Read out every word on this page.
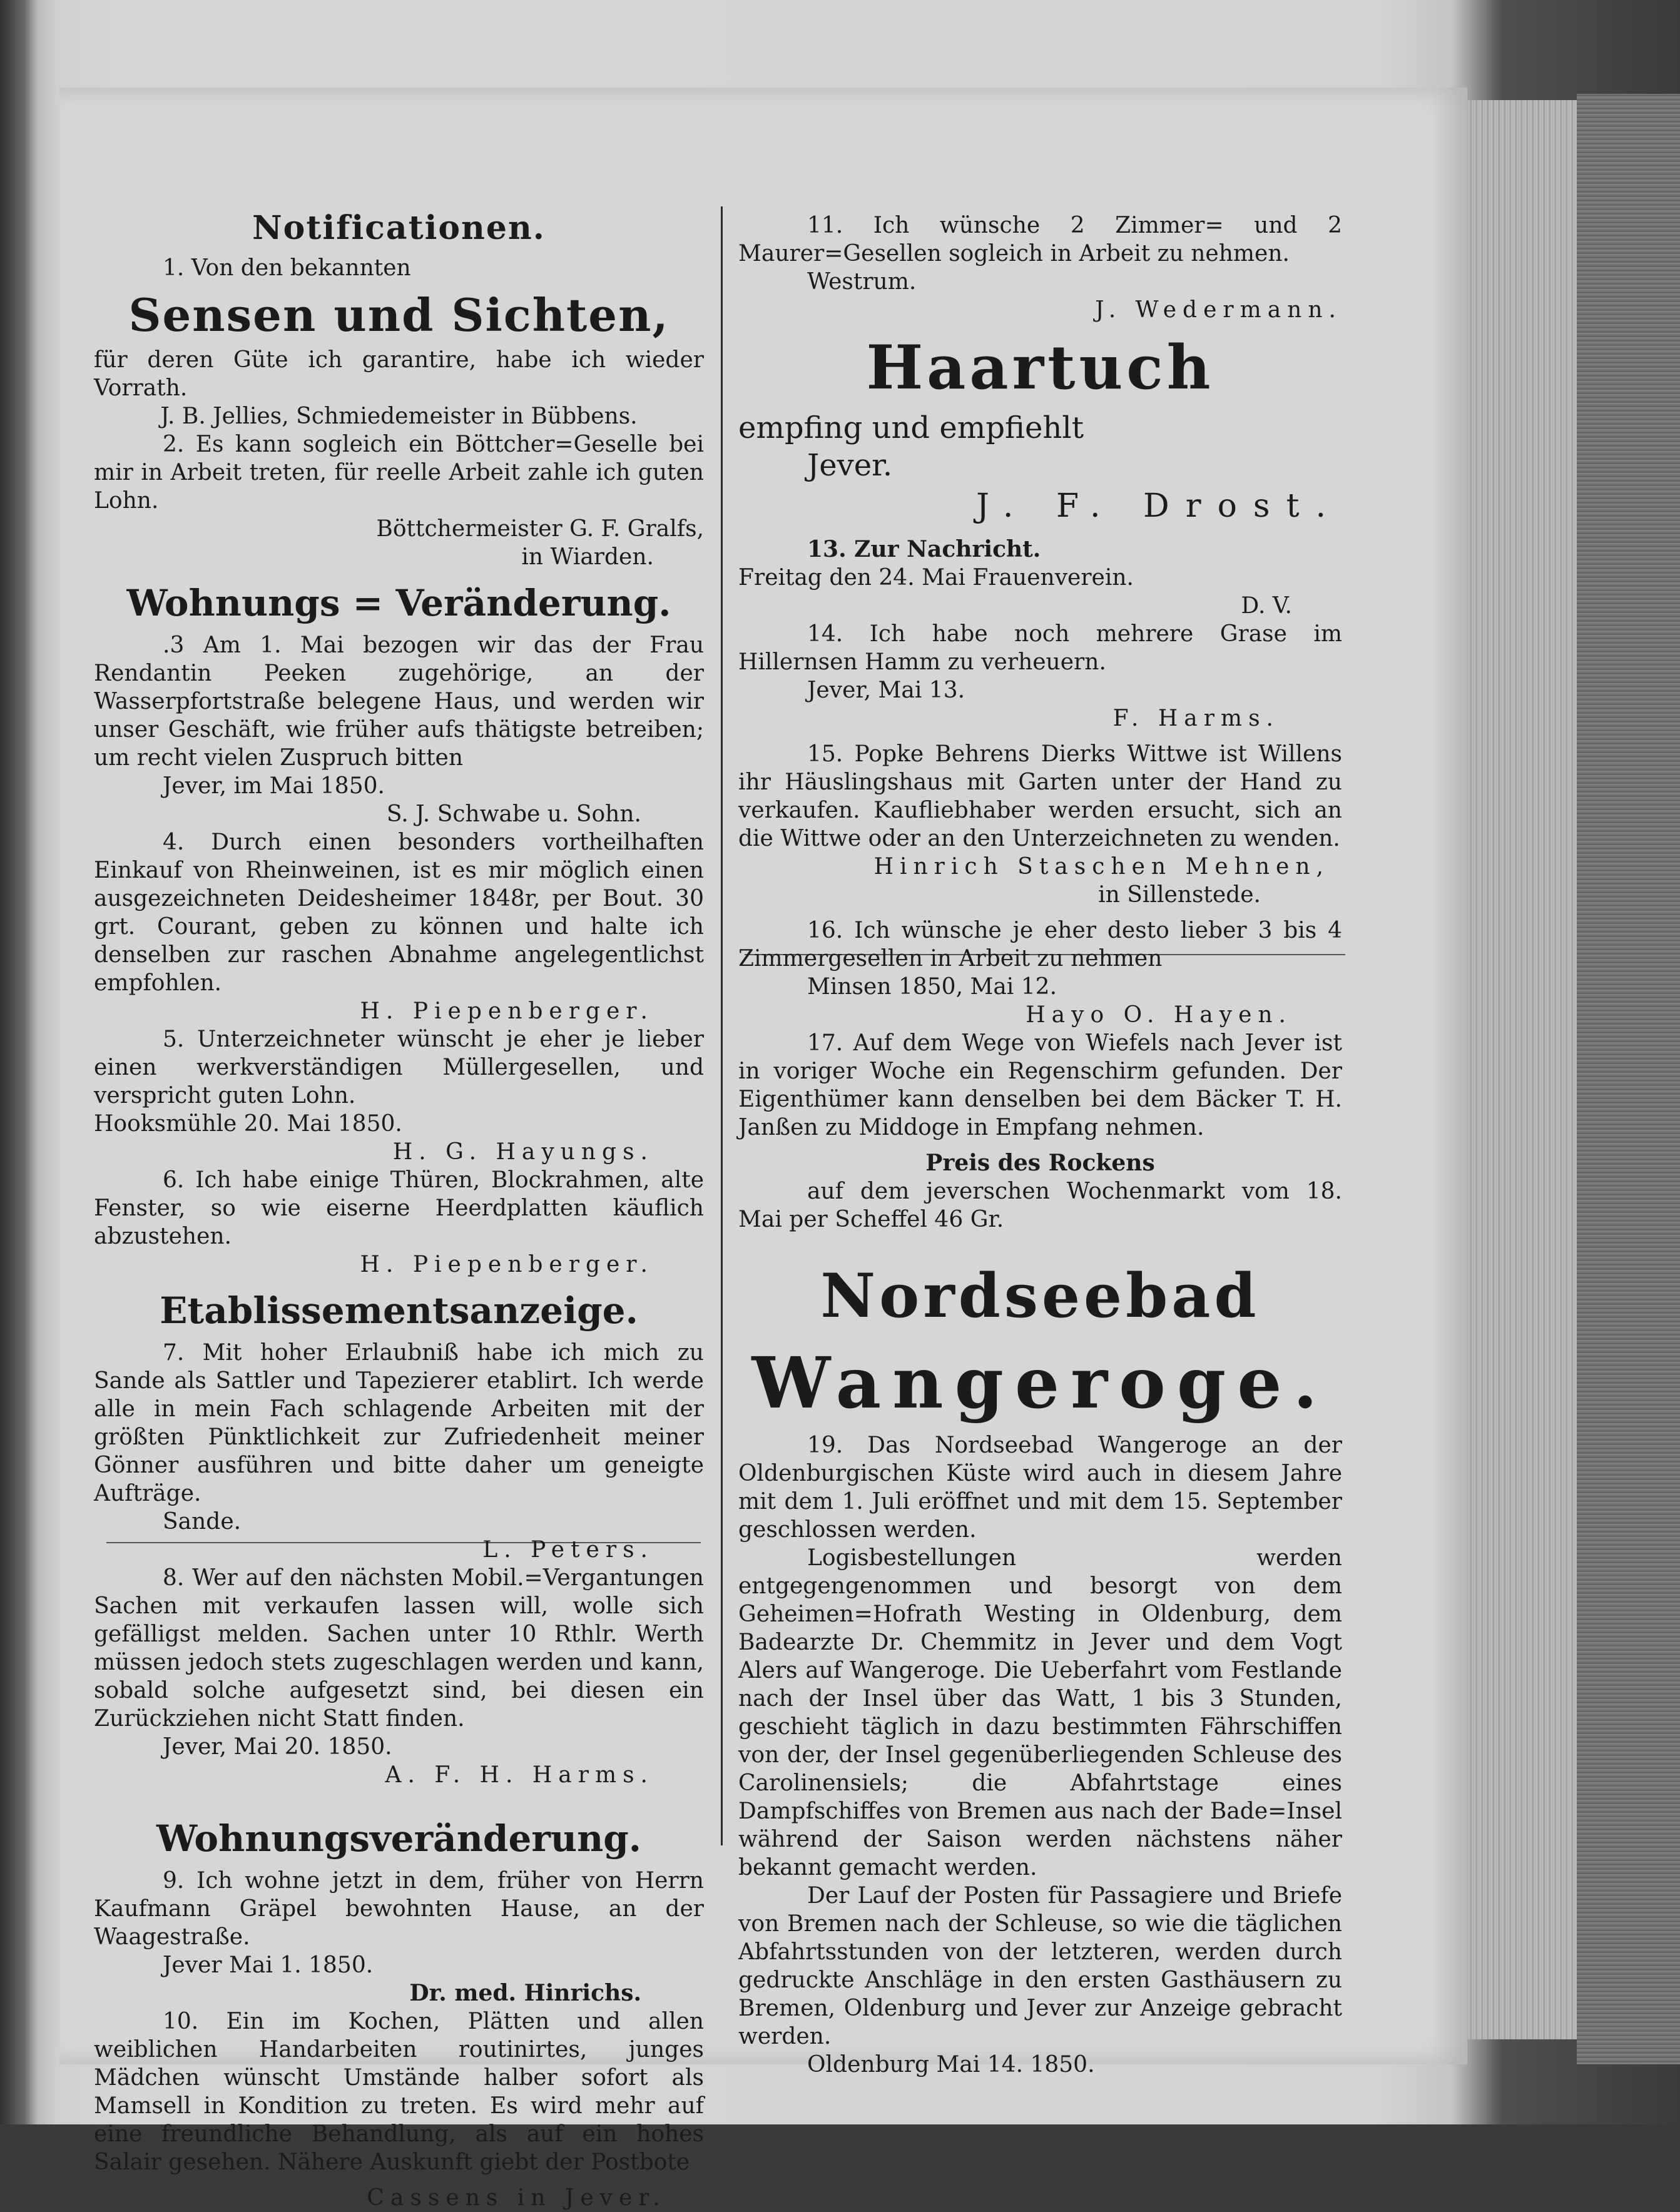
Notificationen.

1. Von den bekannten

Sensen und Sichten,

für deren Güte ich garantire, habe ich wieder Vorrath.

J. B. Jellies, Schmiedemeister in Bübbens.

2. Es kann sogleich ein Böttcher=Geselle bei mir in Arbeit treten, für reelle Arbeit zahle ich guten Lohn.

Böttchermeister G. F. Gralfs,

in Wiarden.

Wohnungs = Veränderung.

.3 Am 1. Mai bezogen wir das der Frau Rendantin Peeken zugehörige, an der Wasserpfortstraße belegene Haus, und werden wir unser Geschäft, wie früher aufs thätigste betreiben; um recht vielen Zuspruch bitten

Jever, im Mai 1850.

S. J. Schwabe u. Sohn.

4. Durch einen besonders vortheilhaften Einkauf von Rheinweinen, ist es mir möglich einen ausgezeichneten Deidesheimer 1848r, per Bout. 30 grt. Courant, geben zu können und halte ich denselben zur raschen Abnahme angelegentlichst empfohlen.

H. Piepenberger.

5. Unterzeichneter wünscht je eher je lieber einen werkverständigen Müllergesellen, und verspricht guten Lohn.

Hooksmühle 20. Mai 1850.

H. G. Hayungs.

6. Ich habe einige Thüren, Blockrahmen, alte Fenster, so wie eiserne Heerdplatten käuflich abzustehen.

H. Piepenberger.

Etablissementsanzeige.

7. Mit hoher Erlaubniß habe ich mich zu Sande als Sattler und Tapezierer etablirt. Ich werde alle in mein Fach schlagende Arbeiten mit der größten Pünktlichkeit zur Zufriedenheit meiner Gönner ausführen und bitte daher um geneigte Aufträge.

Sande.

L. Peters.

8. Wer auf den nächsten Mobil.=Vergantungen Sachen mit verkaufen lassen will, wolle sich gefälligst melden. Sachen unter 10 Rthlr. Werth müssen jedoch stets zugeschlagen werden und kann, sobald solche aufgesetzt sind, bei diesen ein Zurückziehen nicht Statt finden.

Jever, Mai 20. 1850.

A. F. H. Harms.

Wohnungsveränderung.

9. Ich wohne jetzt in dem, früher von Herrn Kaufmann Gräpel bewohnten Hause, an der Waagestraße.

Jever Mai 1. 1850.

Dr. med. Hinrichs.

10. Ein im Kochen, Plätten und allen weiblichen Handarbeiten routinirtes, junges Mädchen wünscht Umstände halber sofort als Mamsell in Kondition zu treten. Es wird mehr auf eine freundliche Behandlung, als auf ein hohes Salair gesehen. Nähere Auskunft giebt der Postbote

Cassens in Jever.

11. Ich wünsche 2 Zimmer= und 2 Maurer=Gesellen sogleich in Arbeit zu nehmen.

Westrum.

J. Wedermann.

Haartuch

empfing und empfiehlt

Jever.

J. F. Drost.

13. Zur Nachricht.

Freitag den 24. Mai Frauenverein.

D. V.

14. Ich habe noch mehrere Grase im Hillernsen Hamm zu verheuern.

Jever, Mai 13.

F. Harms.

15. Popke Behrens Dierks Wittwe ist Willens ihr Häuslingshaus mit Garten unter der Hand zu verkaufen. Kaufliebhaber werden ersucht, sich an die Wittwe oder an den Unterzeichneten zu wenden.

Hinrich Staschen Mehnen,

in Sillenstede.

16. Ich wünsche je eher desto lieber 3 bis 4 Zimmergesellen in Arbeit zu nehmen

Minsen 1850, Mai 12.

Hayo O. Hayen.

17. Auf dem Wege von Wiefels nach Jever ist in voriger Woche ein Regenschirm gefunden. Der Eigenthümer kann denselben bei dem Bäcker T. H. Janßen zu Middoge in Empfang nehmen.

Preis des Rockens

auf dem jeverschen Wochenmarkt vom 18. Mai per Scheffel 46 Gr.

Nordseebad

Wangeroge.

19. Das Nordseebad Wangeroge an der Oldenburgischen Küste wird auch in diesem Jahre mit dem 1. Juli eröffnet und mit dem 15. September geschlossen werden.

Logisbestellungen werden entgegengenommen und besorgt von dem Geheimen=Hofrath Westing in Oldenburg, dem Badearzte Dr. Chemmitz in Jever und dem Vogt Alers auf Wangeroge. Die Ueberfahrt vom Festlande nach der Insel über das Watt, 1 bis 3 Stunden, geschieht täglich in dazu bestimmten Fährschiffen von der, der Insel gegenüberliegenden Schleuse des Carolinensiels; die Abfahrtstage eines Dampfschiffes von Bremen aus nach der Bade=Insel während der Saison werden nächstens näher bekannt gemacht werden.

Der Lauf der Posten für Passagiere und Briefe von Bremen nach der Schleuse, so wie die täglichen Abfahrtsstunden von der letzteren, werden durch gedruckte Anschläge in den ersten Gasthäusern zu Bremen, Oldenburg und Jever zur Anzeige gebracht werden.

Oldenburg Mai 14. 1850.
